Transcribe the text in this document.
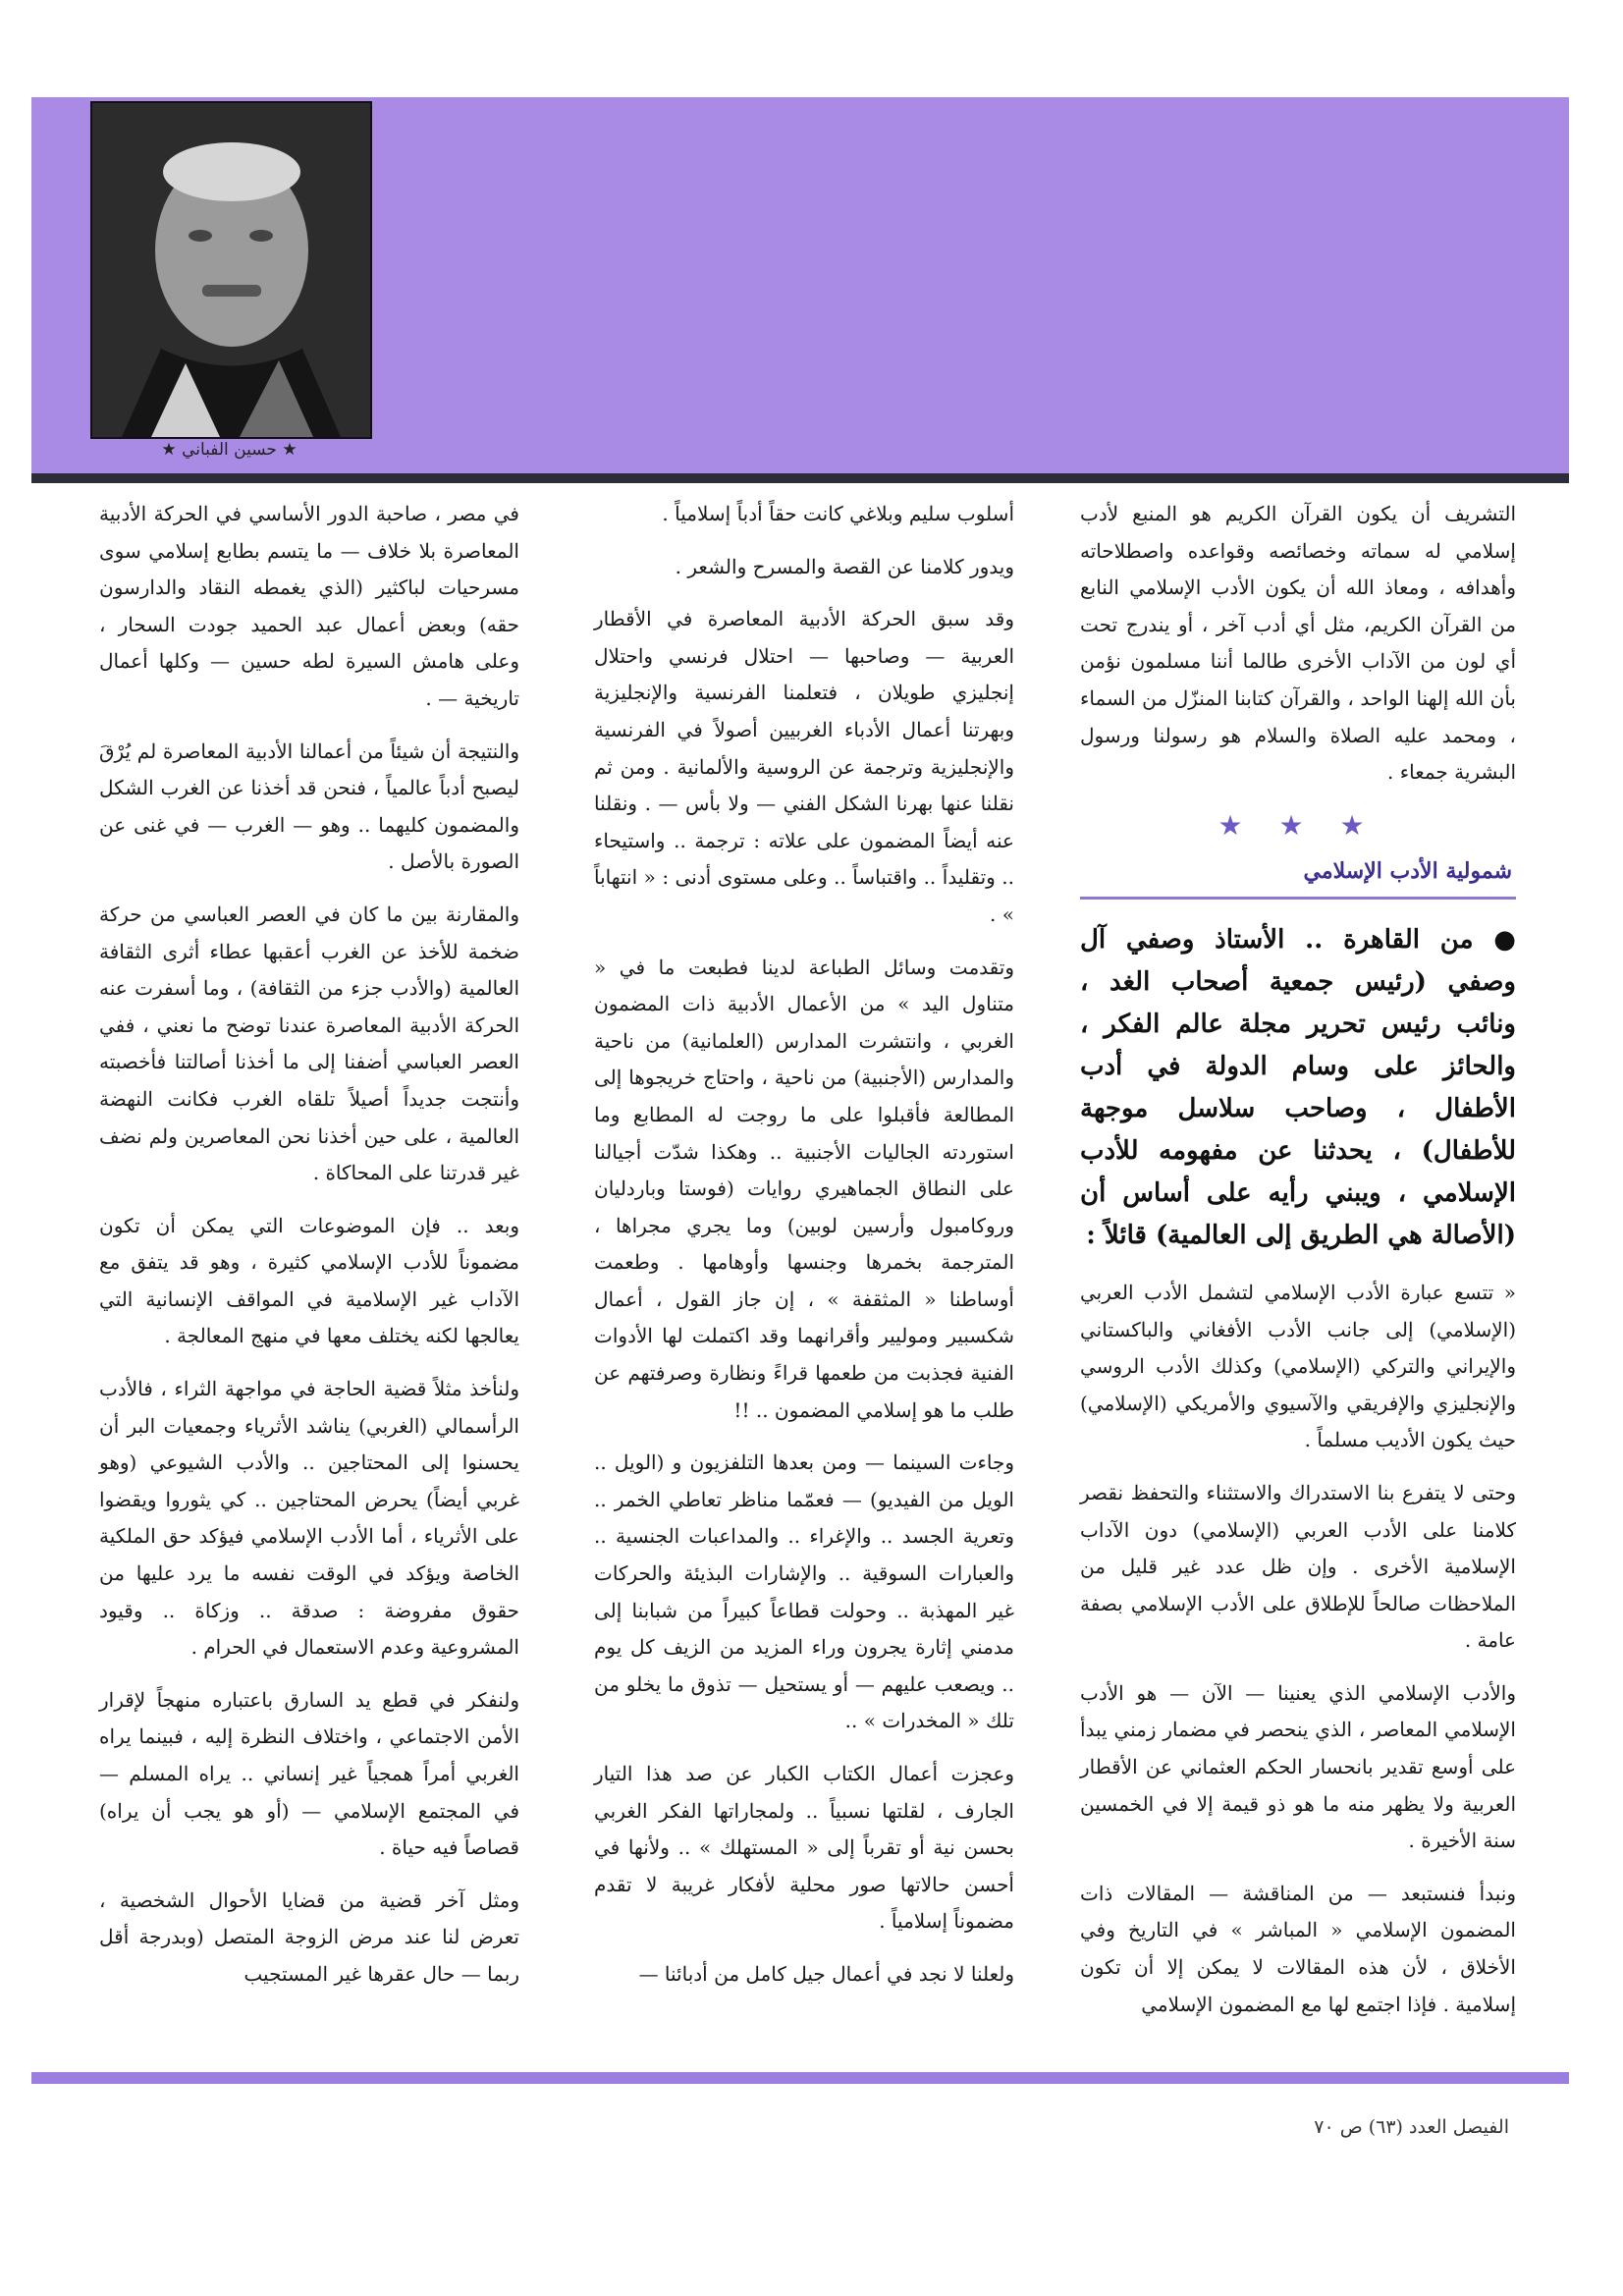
★ حسين الفباني ★

التشريف أن يكون القرآن الكريم هو المنبع لأدب إسلامي له سماته وخصائصه وقواعده واصطلاحاته وأهدافه ، ومعاذ الله أن يكون الأدب الإسلامي النابع من القرآن الكريم، مثل أي أدب آخر ، أو يندرج تحت أي لون من الآداب الأخرى طالما أننا مسلمون نؤمن بأن الله إلهنا الواحد ، والقرآن كتابنا المنزّل من السماء ، ومحمد عليه الصلاة والسلام هو رسولنا ورسول البشرية جمعاء .

★ ★ ★
شمولية الأدب الإسلامي

● من القاهرة .. الأستاذ وصفي آل وصفي (رئيس جمعية أصحاب الغد ، ونائب رئيس تحرير مجلة عالم الفكر ، والحائز على وسام الدولة في أدب الأطفال ، وصاحب سلاسل موجهة للأطفال) ، يحدثنا عن مفهومه للأدب الإسلامي ، ويبني رأيه على أساس أن (الأصالة هي الطريق إلى العالمية) قائلاً :

« تتسع عبارة الأدب الإسلامي لتشمل الأدب العربي (الإسلامي) إلى جانب الأدب الأفغاني والباكستاني والإيراني والتركي (الإسلامي) وكذلك الأدب الروسي والإنجليزي والإفريقي والآسيوي والأمريكي (الإسلامي) حيث يكون الأديب مسلماً .

وحتى لا يتفرع بنا الاستدراك والاستثناء والتحفظ نقصر كلامنا على الأدب العربي (الإسلامي) دون الآداب الإسلامية الأخرى . وإن ظل عدد غير قليل من الملاحظات صالحاً للإطلاق على الأدب الإسلامي بصفة عامة .

والأدب الإسلامي الذي يعنينا — الآن — هو الأدب الإسلامي المعاصر ، الذي ينحصر في مضمار زمني يبدأ على أوسع تقدير بانحسار الحكم العثماني عن الأقطار العربية ولا يظهر منه ما هو ذو قيمة إلا في الخمسين سنة الأخيرة .

ونبدأ فنستبعد — من المناقشة — المقالات ذات المضمون الإسلامي « المباشر » في التاريخ وفي الأخلاق ، لأن هذه المقالات لا يمكن إلا أن تكون إسلامية . فإذا اجتمع لها مع المضمون الإسلامي

أسلوب سليم وبلاغي كانت حقاً أدباً إسلامياً .

ويدور كلامنا عن القصة والمسرح والشعر .

وقد سبق الحركة الأدبية المعاصرة في الأقطار العربية — وصاحبها — احتلال فرنسي واحتلال إنجليزي طويلان ، فتعلمنا الفرنسية والإنجليزية وبهرتنا أعمال الأدباء الغربيين أصولاً في الفرنسية والإنجليزية وترجمة عن الروسية والألمانية . ومن ثم نقلنا عنها بهرنا الشكل الفني — ولا بأس — . ونقلنا عنه أيضاً المضمون على علاته : ترجمة .. واستيحاء .. وتقليداً .. واقتباساً .. وعلى مستوى أدنى : « انتهاباً » .

وتقدمت وسائل الطباعة لدينا فطبعت ما في « متناول اليد » من الأعمال الأدبية ذات المضمون الغربي ، وانتشرت المدارس (العلمانية) من ناحية والمدارس (الأجنبية) من ناحية ، واحتاج خريجوها إلى المطالعة فأقبلوا على ما روجت له المطابع وما استوردته الجاليات الأجنبية .. وهكذا شدّت أجيالنا على النطاق الجماهيري روايات (فوستا وباردليان وروكامبول وأرسين لوبين) وما يجري مجراها ، المترجمة بخمرها وجنسها وأوهامها . وطعمت أوساطنا « المثقفة » ، إن جاز القول ، أعمال شكسبير وموليير وأقرانهما وقد اكتملت لها الأدوات الفنية فجذبت من طعمها قراءً ونظارة وصرفتهم عن طلب ما هو إسلامي المضمون .. !!

وجاءت السينما — ومن بعدها التلفزيون و (الويل .. الويل من الفيديو) — فعمّما مناظر تعاطي الخمر .. وتعرية الجسد .. والإغراء .. والمداعبات الجنسية .. والعبارات السوقية .. والإشارات البذيئة والحركات غير المهذبة .. وحولت قطاعاً كبيراً من شبابنا إلى مدمني إثارة يجرون وراء المزيد من الزيف كل يوم .. ويصعب عليهم — أو يستحيل — تذوق ما يخلو من تلك « المخدرات » ..

وعجزت أعمال الكتاب الكبار عن صد هذا التيار الجارف ، لقلتها نسبياً .. ولمجاراتها الفكر الغربي بحسن نية أو تقرباً إلى « المستهلك » .. ولأنها في أحسن حالاتها صور محلية لأفكار غريبة لا تقدم مضموناً إسلامياً .

ولعلنا لا نجد في أعمال جيل كامل من أدبائنا —

في مصر ، صاحبة الدور الأساسي في الحركة الأدبية المعاصرة بلا خلاف — ما يتسم بطابع إسلامي سوى مسرحيات لباكثير (الذي يغمطه النقاد والدارسون حقه) وبعض أعمال عبد الحميد جودت السحار ، وعلى هامش السيرة لطه حسين — وكلها أعمال تاريخية — .

والنتيجة أن شيئاً من أعمالنا الأدبية المعاصرة لم يُرْقَ ليصبح أدباً عالمياً ، فنحن قد أخذنا عن الغرب الشكل والمضمون كليهما .. وهو — الغرب — في غنى عن الصورة بالأصل .

والمقارنة بين ما كان في العصر العباسي من حركة ضخمة للأخذ عن الغرب أعقبها عطاء أثرى الثقافة العالمية (والأدب جزء من الثقافة) ، وما أسفرت عنه الحركة الأدبية المعاصرة عندنا توضح ما نعني ، ففي العصر العباسي أضفنا إلى ما أخذنا أصالتنا فأخصبته وأنتجت جديداً أصيلاً تلقاه الغرب فكانت النهضة العالمية ، على حين أخذنا نحن المعاصرين ولم نضف غير قدرتنا على المحاكاة .

وبعد .. فإن الموضوعات التي يمكن أن تكون مضموناً للأدب الإسلامي كثيرة ، وهو قد يتفق مع الآداب غير الإسلامية في المواقف الإنسانية التي يعالجها لكنه يختلف معها في منهج المعالجة .

ولنأخذ مثلاً قضية الحاجة في مواجهة الثراء ، فالأدب الرأسمالي (الغربي) يناشد الأثرياء وجمعيات البر أن يحسنوا إلى المحتاجين .. والأدب الشيوعي (وهو غربي أيضاً) يحرض المحتاجين .. كي يثوروا ويقضوا على الأثرياء ، أما الأدب الإسلامي فيؤكد حق الملكية الخاصة ويؤكد في الوقت نفسه ما يرد عليها من حقوق مفروضة : صدقة .. وزكاة .. وقيود المشروعية وعدم الاستعمال في الحرام .

ولنفكر في قطع يد السارق باعتباره منهجاً لإقرار الأمن الاجتماعي ، واختلاف النظرة إليه ، فبينما يراه الغربي أمراً همجياً غير إنساني .. يراه المسلم — في المجتمع الإسلامي — (أو هو يجب أن يراه) قصاصاً فيه حياة .

ومثل آخر قضية من قضايا الأحوال الشخصية ، تعرض لنا عند مرض الزوجة المتصل (وبدرجة أقل ربما — حال عقرها غير المستجيب

الفيصل العدد (٦٣) ص ٧٠
